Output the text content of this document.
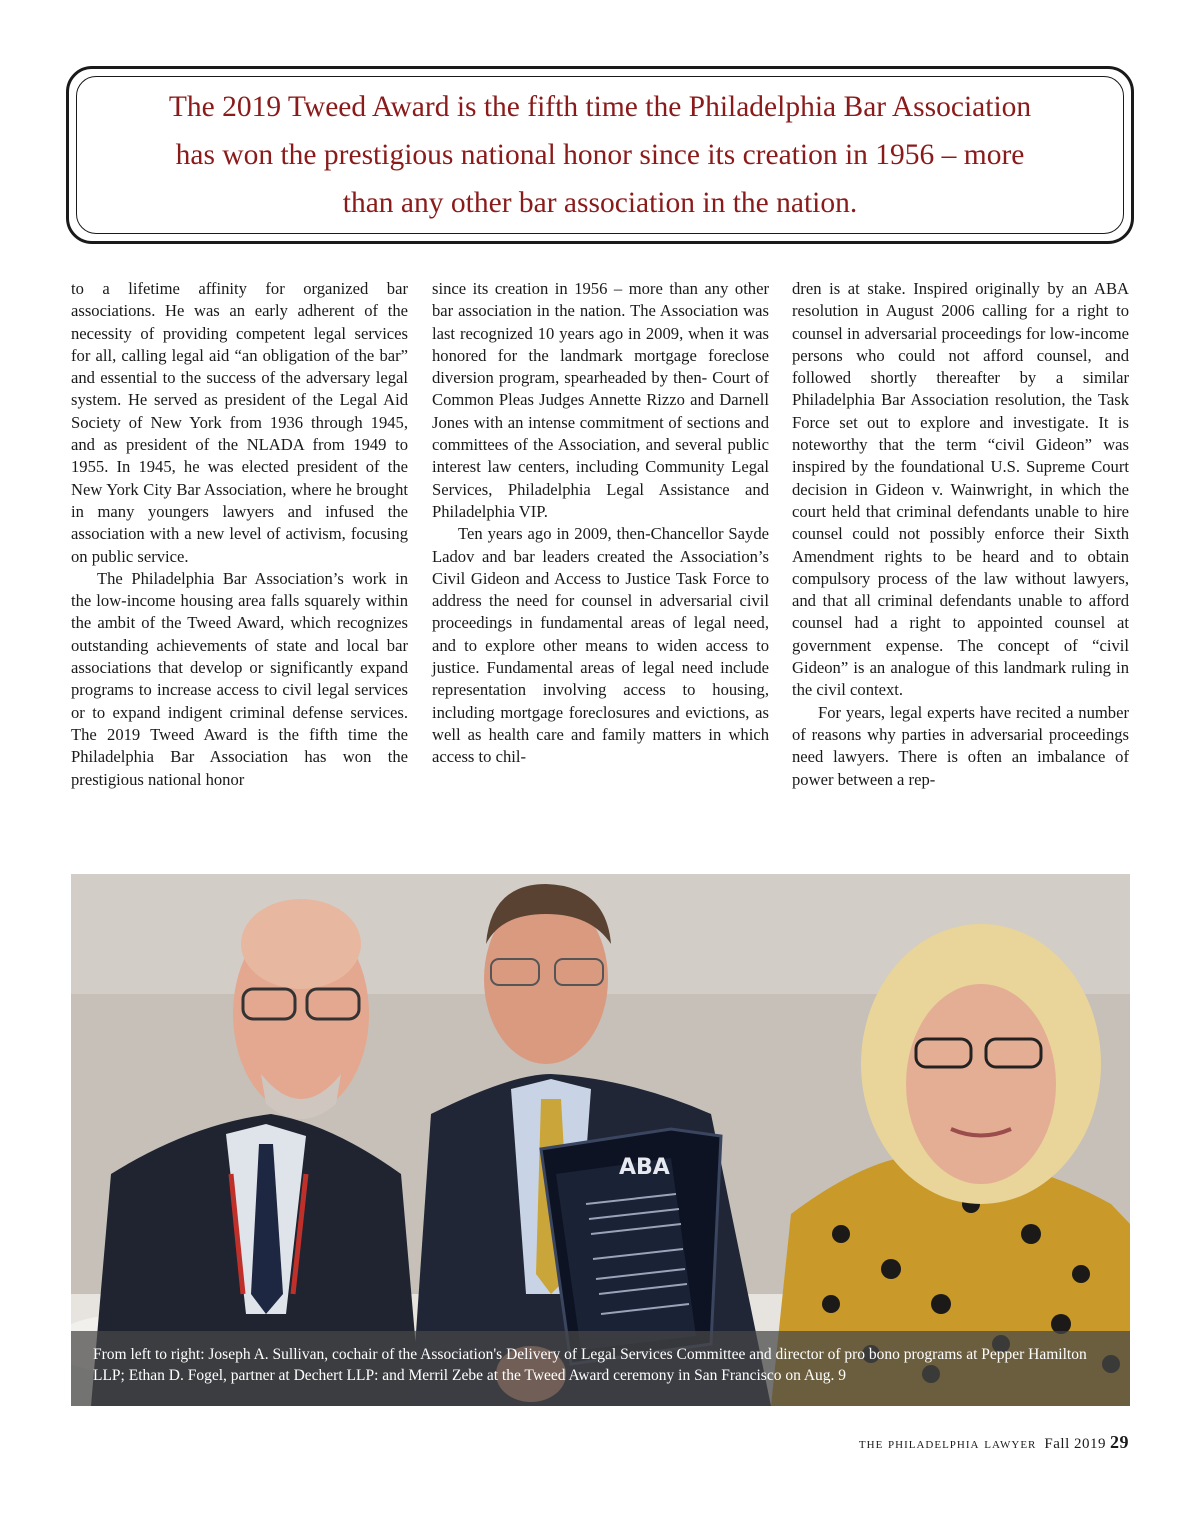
The 2019 Tweed Award is the fifth time the Philadelphia Bar Association
has won the prestigious national honor since its creation in 1956 – more
than any other bar association in the nation.

to a lifetime affinity for organized bar associations. He was an early adherent of the necessity of providing competent legal services for all, calling legal aid “an obligation of the bar” and essential to the success of the adversary legal system. He served as president of the Legal Aid Society of New York from 1936 through 1945, and as president of the NLADA from 1949 to 1955. In 1945, he was elected president of the New York City Bar Association, where he brought in many youngers lawyers and infused the association with a new level of activism, focusing on public service.

The Philadelphia Bar Association’s work in the low-income housing area falls squarely within the ambit of the Tweed Award, which recognizes outstanding achievements of state and local bar associations that develop or significantly expand programs to increase access to civil legal services or to expand indigent criminal defense services. The 2019 Tweed Award is the fifth time the Philadelphia Bar Association has won the prestigious national honor

since its creation in 1956 – more than any other bar association in the nation. The Association was last recognized 10 years ago in 2009, when it was honored for the landmark mortgage foreclose diversion program, spearheaded by then- Court of Common Pleas Judges Annette Rizzo and Darnell Jones with an intense commitment of sections and committees of the Association, and several public interest law centers, including Community Legal Services, Philadelphia Legal Assistance and Philadelphia VIP.

Ten years ago in 2009, then-Chancellor Sayde Ladov and bar leaders created the Association’s Civil Gideon and Access to Justice Task Force to address the need for counsel in adversarial civil proceedings in fundamental areas of legal need, and to explore other means to widen access to justice. Fundamental areas of legal need include representation involving access to housing, including mortgage foreclosures and evictions, as well as health care and family matters in which access to chil-

dren is at stake. Inspired originally by an ABA resolution in August 2006 calling for a right to counsel in adversarial proceedings for low-income persons who could not afford counsel, and followed shortly thereafter by a similar Philadelphia Bar Association resolution, the Task Force set out to explore and investigate. It is noteworthy that the term “civil Gideon” was inspired by the foundational U.S. Supreme Court decision in Gideon v. Wainwright, in which the court held that criminal defendants unable to hire counsel could not possibly enforce their Sixth Amendment rights to be heard and to obtain compulsory process of the law without lawyers, and that all criminal defendants unable to afford counsel had a right to appointed counsel at government expense. The concept of “civil Gideon” is an analogue of this landmark ruling in the civil context.

For years, legal experts have recited a number of reasons why parties in adversarial proceedings need lawyers. There is often an imbalance of power between a rep-

ABA
From left to right: Joseph A. Sullivan, cochair of the Association's Delivery of Legal Services Committee and director of pro bono programs at Pepper Hamilton LLP; Ethan D. Fogel, partner at Dechert LLP: and Merril Zebe at the Tweed Award ceremony in San Francisco on Aug. 9
the philadelphia lawyer Fall 2019 29
